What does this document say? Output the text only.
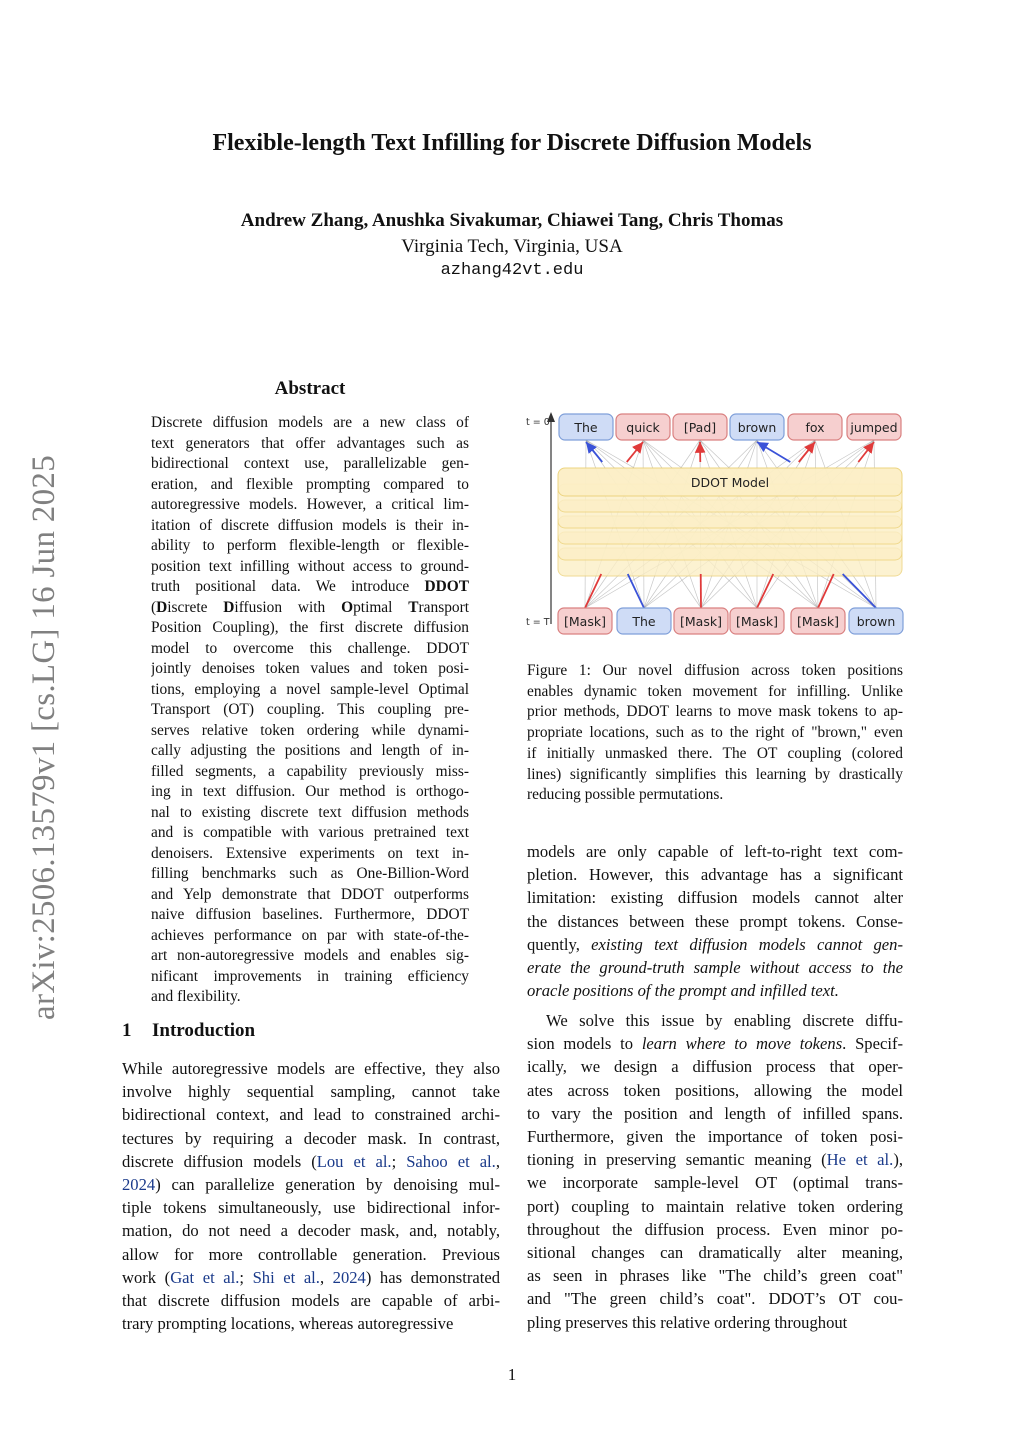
Flexible-length Text Infilling for Discrete Diffusion Models
Andrew Zhang, Anushka Sivakumar, Chiawei Tang, Chris Thomas
Virginia Tech, Virginia, USA
azhang42vt.edu
arXiv:2506.13579v1 [cs.LG] 16 Jun 2025
Abstract
Discrete diffusion models are a new class of
text generators that offer advantages such as
bidirectional context use, parallelizable gen-
eration, and flexible prompting compared to
autoregressive models. However, a critical lim-
itation of discrete diffusion models is their in-
ability to perform flexible-length or flexible-
position text infilling without access to ground-
truth positional data. We introduce DDOT
(Discrete Diffusion with Optimal Transport
Position Coupling), the first discrete diffusion
model to overcome this challenge. DDOT
jointly denoises token values and token posi-
tions, employing a novel sample-level Optimal
Transport (OT) coupling. This coupling pre-
serves relative token ordering while dynami-
cally adjusting the positions and length of in-
filled segments, a capability previously miss-
ing in text diffusion. Our method is orthogo-
nal to existing discrete text diffusion methods
and is compatible with various pretrained text
denoisers. Extensive experiments on text in-
filling benchmarks such as One-Billion-Word
and Yelp demonstrate that DDOT outperforms
naive diffusion baselines. Furthermore, DDOT
achieves performance on par with state-of-the-
art non-autoregressive models and enables sig-
nificant improvements in training efficiency
and flexibility.
1 Introduction
While autoregressive models are effective, they also
involve highly sequential sampling, cannot take
bidirectional context, and lead to constrained archi-
tectures by requiring a decoder mask. In contrast,
discrete diffusion models (Lou et al.; Sahoo et al.,
2024) can parallelize generation by denoising mul-
tiple tokens simultaneously, use bidirectional infor-
mation, do not need a decoder mask, and, notably,
allow for more controllable generation. Previous
work (Gat et al.; Shi et al., 2024) has demonstrated
that discrete diffusion models are capable of arbi-
trary prompting locations, whereas autoregressive
DDOT Model
t = 0
t = T
The quick [Pad] brown fox jumped
[Mask] The [Mask] [Mask] [Mask] brown
Figure 1: Our novel diffusion across token positions
enables dynamic token movement for infilling. Unlike
prior methods, DDOT learns to move mask tokens to ap-
propriate locations, such as to the right of "brown," even
if initially unmasked there. The OT coupling (colored
lines) significantly simplifies this learning by drastically
reducing possible permutations.
models are only capable of left-to-right text com-
pletion. However, this advantage has a significant
limitation: existing diffusion models cannot alter
the distances between these prompt tokens. Conse-
quently, existing text diffusion models cannot gen-
erate the ground-truth sample without access to the
oracle positions of the prompt and infilled text.
We solve this issue by enabling discrete diffu-
sion models to learn where to move tokens. Specif-
ically, we design a diffusion process that oper-
ates across token positions, allowing the model
to vary the position and length of infilled spans.
Furthermore, given the importance of token posi-
tioning in preserving semantic meaning (He et al.),
we incorporate sample-level OT (optimal trans-
port) coupling to maintain relative token ordering
throughout the diffusion process. Even minor po-
sitional changes can dramatically alter meaning,
as seen in phrases like "The child’s green coat"
and "The green child’s coat". DDOT’s OT cou-
pling preserves this relative ordering throughout
1
